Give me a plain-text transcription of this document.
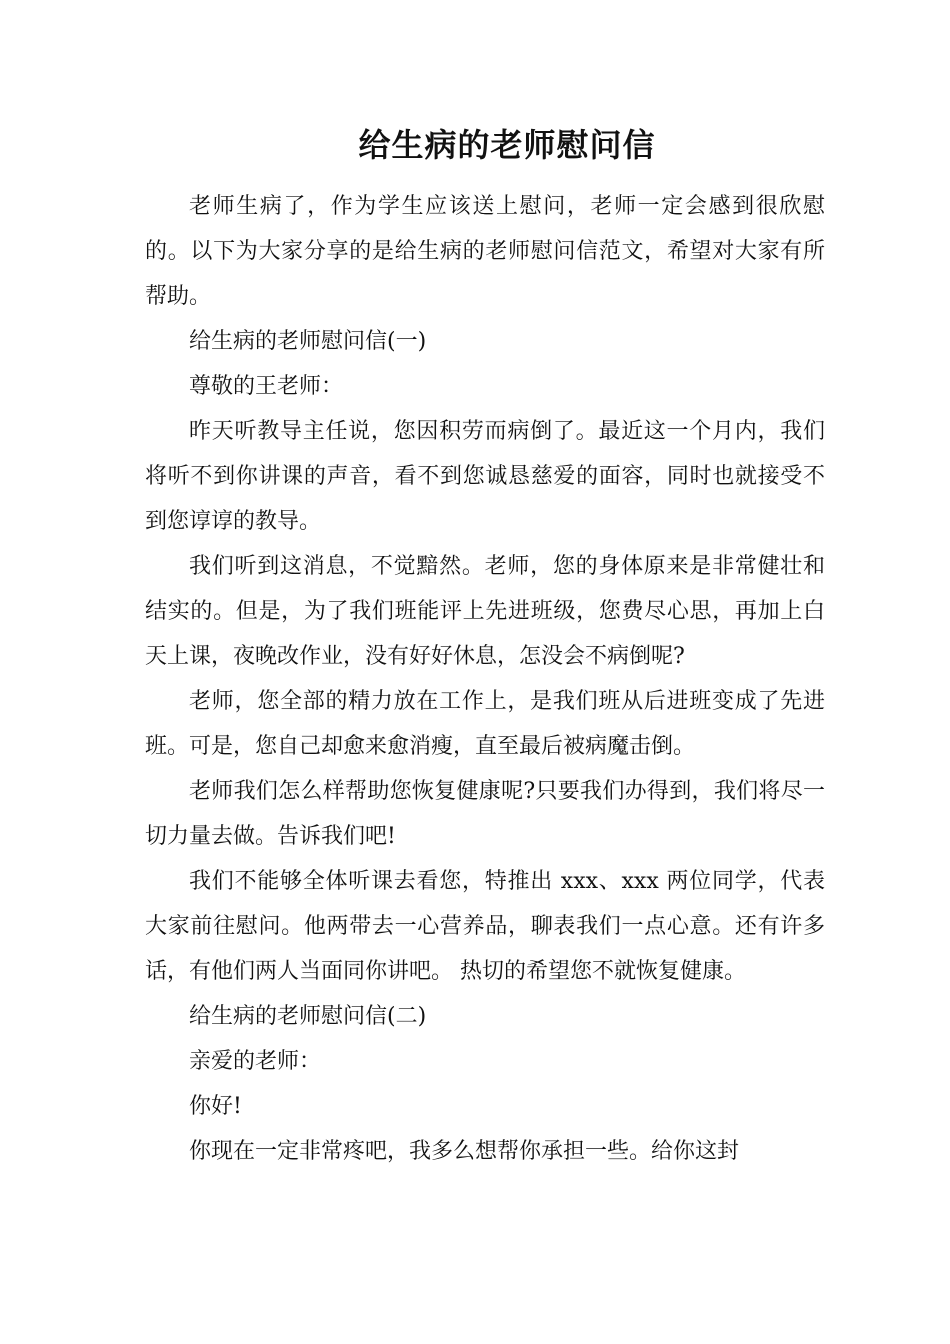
给生病的老师慰问信

老师生病了，作为学生应该送上慰问，老师一定会感到很欣慰的。以下为大家分享的是给生病的老师慰问信范文，希望对大家有所帮助。

给生病的老师慰问信(一)

尊敬的王老师：

昨天听教导主任说，您因积劳而病倒了。最近这一个月内，我们将听不到你讲课的声音，看不到您诚恳慈爱的面容，同时也就接受不到您谆谆的教导。

我们听到这消息，不觉黯然。老师，您的身体原来是非常健壮和结实的。但是，为了我们班能评上先进班级，您费尽心思，再加上白天上课，夜晚改作业，没有好好休息，怎没会不病倒呢?

老师，您全部的精力放在工作上，是我们班从后进班变成了先进班。可是，您自己却愈来愈消瘦，直至最后被病魔击倒。

老师我们怎么样帮助您恢复健康呢?只要我们办得到，我们将尽一切力量去做。告诉我们吧!

我们不能够全体听课去看您，特推出 xxx、xxx 两位同学，代表大家前往慰问。他两带去一心营养品，聊表我们一点心意。还有许多话，有他们两人当面同你讲吧。 热切的希望您不就恢复健康。

给生病的老师慰问信(二)

亲爱的老师：

你好!

你现在一定非常疼吧，我多么想帮你承担一些。给你这封
